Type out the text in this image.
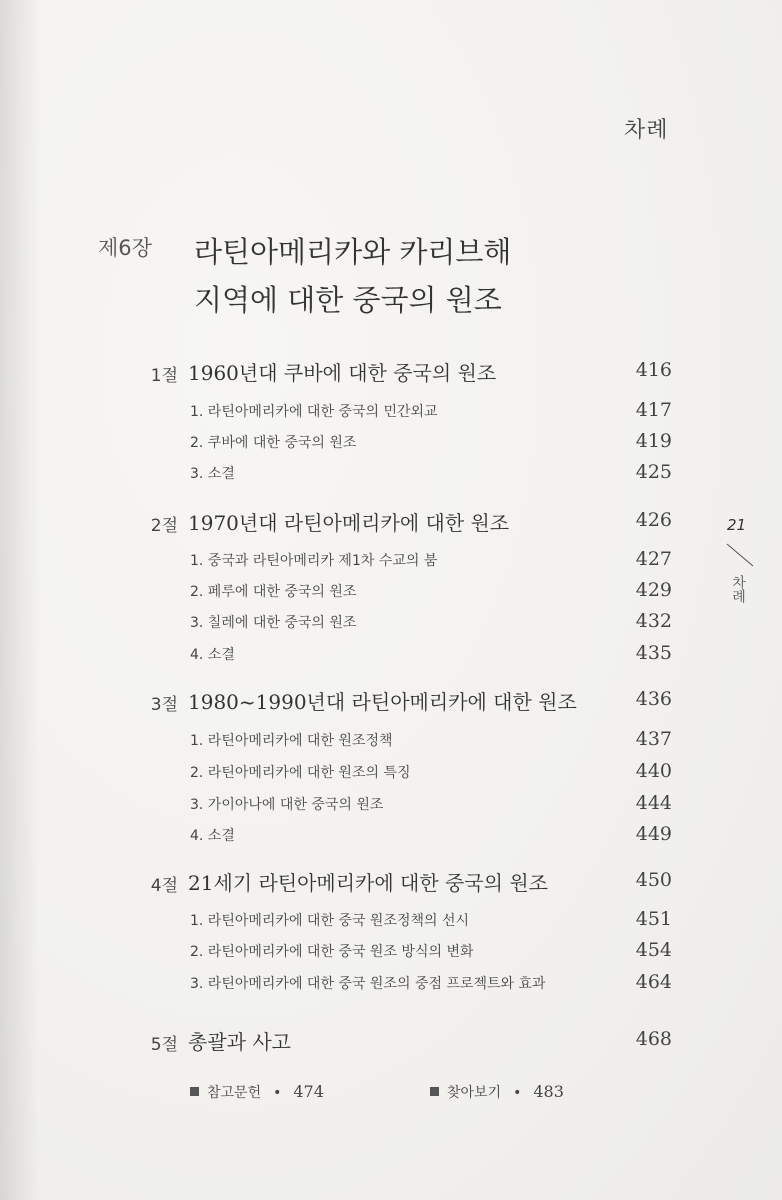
차례
제6장 라틴아메리카와 카리브해
지역에 대한 중국의 원조
1절 1960년대 쿠바에 대한 중국의 원조	416
1. 라틴아메리카에 대한 중국의 민간외교	417
2. 쿠바에 대한 중국의 원조	419
3. 소결	425
2절 1970년대 라틴아메리카에 대한 원조	426
1. 중국과 라틴아메리카 제1차 수교의 붐	427
2. 페루에 대한 중국의 원조	429
3. 칠레에 대한 중국의 원조	432
4. 소결	435
3절 1980~1990년대 라틴아메리카에 대한 원조	436
1. 라틴아메리카에 대한 원조정책	437
2. 라틴아메리카에 대한 원조의 특징	440
3. 가이아나에 대한 중국의 원조	444
4. 소결	449
4절 21세기 라틴아메리카에 대한 중국의 원조	450
1. 라틴아메리카에 대한 중국 원조정책의 선시	451
2. 라틴아메리카에 대한 중국 원조 방식의 변화	454
3. 라틴아메리카에 대한 중국 원조의 중점 프로젝트와 효과	464
5절 총괄과 사고	468
참고문헌 • 474	찾아보기 • 483
21
차례
